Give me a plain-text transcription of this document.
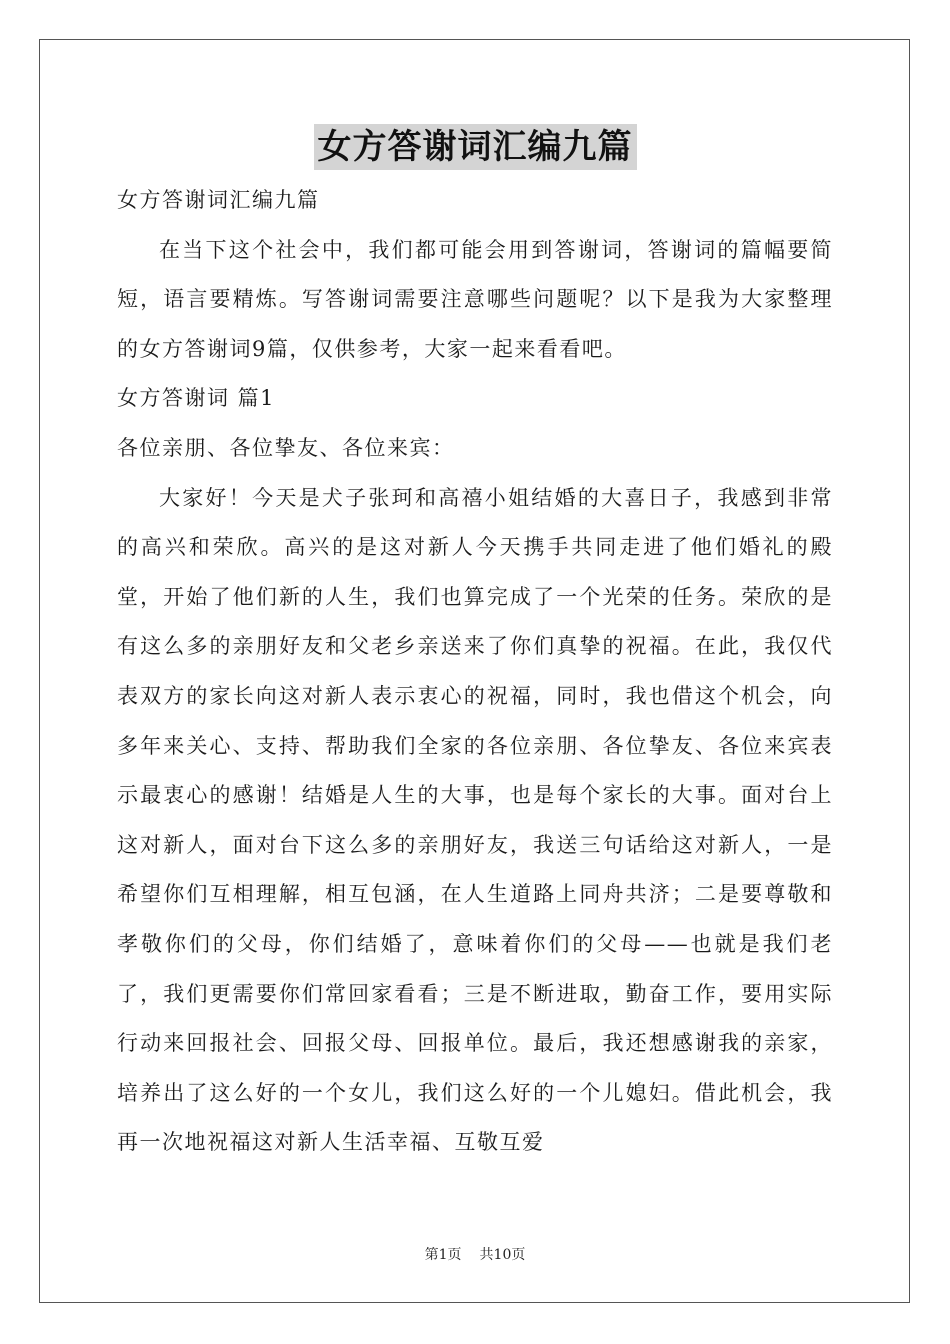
女方答谢词汇编九篇

女方答谢词汇编九篇

在当下这个社会中，我们都可能会用到答谢词，答谢词的篇幅要简短，语言要精炼。写答谢词需要注意哪些问题呢？以下是我为大家整理的女方答谢词9篇，仅供参考，大家一起来看看吧。

女方答谢词 篇1

各位亲朋、各位挚友、各位来宾：

大家好！今天是犬子张珂和高禧小姐结婚的大喜日子，我感到非常的高兴和荣欣。高兴的是这对新人今天携手共同走进了他们婚礼的殿堂，开始了他们新的人生，我们也算完成了一个光荣的任务。荣欣的是有这么多的亲朋好友和父老乡亲送来了你们真挚的祝福。在此，我仅代表双方的家长向这对新人表示衷心的祝福，同时，我也借这个机会，向多年来关心、支持、帮助我们全家的各位亲朋、各位挚友、各位来宾表示最衷心的感谢！结婚是人生的大事，也是每个家长的大事。面对台上这对新人，面对台下这么多的亲朋好友，我送三句话给这对新人，一是希望你们互相理解，相互包涵，在人生道路上同舟共济；二是要尊敬和孝敬你们的父母，你们结婚了，意味着你们的父母——也就是我们老了，我们更需要你们常回家看看；三是不断进取，勤奋工作，要用实际行动来回报社会、回报父母、回报单位。最后，我还想感谢我的亲家，培养出了这么好的一个女儿，我们这么好的一个儿媳妇。借此机会，我再一次地祝福这对新人生活幸福、互敬互爱

第1页 共10页
